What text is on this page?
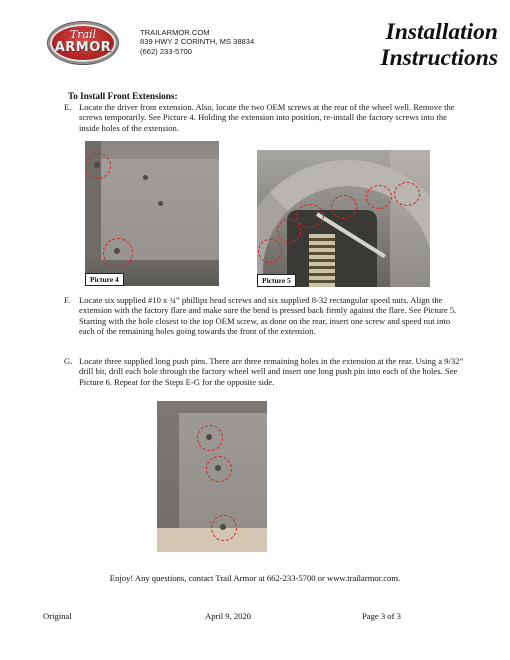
Trail
ARMOR
TRAILARMOR.COM
839 HWY 2 CORINTH, MS 38834
(662) 233-5700
Installation
Instructions
To Install Front Extensions:
E. Locate the driver front extension. Also, locate the two OEM screws at the rear of the wheel well. Remove the screws temporarily. See Picture 4. Holding the extension into position, re-install the factory screws into the inside holes of the extension.
Picture 4	Picture 5
F. Locate six supplied #10 x ¾” phillips head screws and six supplied 8-32 rectangular speed nuts. Align the extension with the factory flare and make sure the bend is pressed back firmly against the flare. See Picture 5. Starting with the hole closest to the top OEM screw, as done on the rear, insert one screw and speed nut into each of the remaining holes going towards the front of the extension.
G. Locate three supplied long push pins. There are three remaining holes in the extension at the rear. Using a 9/32” drill bit, drill each hole through the factory wheel well and insert one long push pin into each of the holes. See Picture 6. Repeat for the Steps E-G for the opposite side.
Enjoy! Any questions, contact Trail Armor at 662-233-5700 or www.trailarmor.com.
Original	April 9, 2020	Page 3 of 3
